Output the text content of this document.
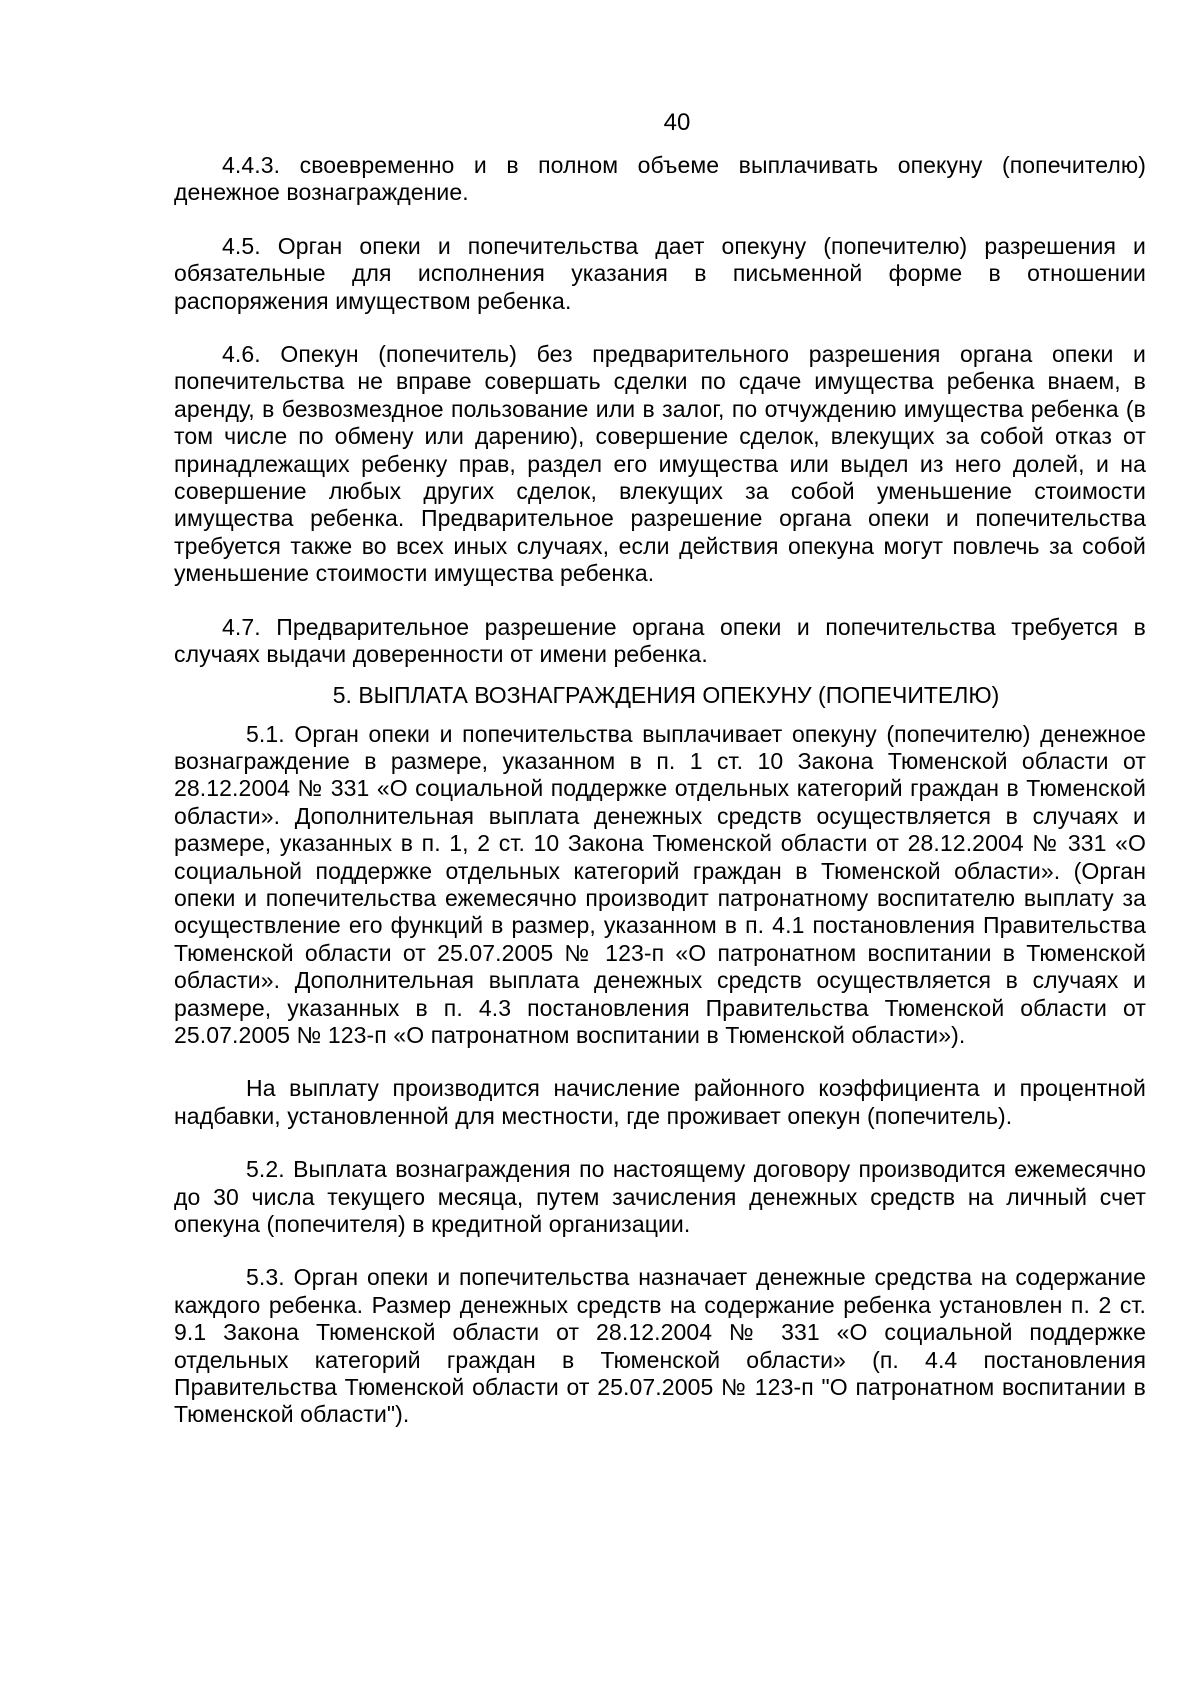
40

4.4.3. своевременно и в полном объеме выплачивать опекуну (попечителю) денежное вознаграждение.

4.5. Орган опеки и попечительства дает опекуну (попечителю) разрешения и обязательные для исполнения указания в письменной форме в отношении распоряжения имуществом ребенка.

4.6. Опекун (попечитель) без предварительного разрешения органа опеки и попечительства не вправе совершать сделки по сдаче имущества ребенка внаем, в аренду, в безвозмездное пользование или в залог, по отчуждению имущества ребенка (в том числе по обмену или дарению), совершение сделок, влекущих за собой отказ от принадлежащих ребенку прав, раздел его имущества или выдел из него долей, и на совершение любых других сделок, влекущих за собой уменьшение стоимости имущества ребенка. Предварительное разрешение органа опеки и попечительства требуется также во всех иных случаях, если действия опекуна могут повлечь за собой уменьшение стоимости имущества ребенка.

4.7. Предварительное разрешение органа опеки и попечительства требуется в случаях выдачи доверенности от имени ребенка.

5. ВЫПЛАТА ВОЗНАГРАЖДЕНИЯ ОПЕКУНУ (ПОПЕЧИТЕЛЮ)

5.1. Орган опеки и попечительства выплачивает опекуну (попечителю) денежное вознаграждение в размере, указанном в п. 1 ст. 10 Закона Тюменской области от 28.12.2004 № 331 «О социальной поддержке отдельных категорий граждан в Тюменской области». Дополнительная выплата денежных средств осуществляется в случаях и размере, указанных в п. 1, 2 ст. 10 Закона Тюменской области от 28.12.2004 № 331 «О социальной поддержке отдельных категорий граждан в Тюменской области». (Орган опеки и попечительства ежемесячно производит патронатному воспитателю выплату за осуществление его функций в размер, указанном в п. 4.1 постановления Правительства Тюменской области от 25.07.2005 № 123-п «О патронатном воспитании в Тюменской области». Дополнительная выплата денежных средств осуществляется в случаях и размере, указанных в п. 4.3 постановления Правительства Тюменской области от 25.07.2005 № 123-п «О патронатном воспитании в Тюменской области»).

На выплату производится начисление районного коэффициента и процентной надбавки, установленной для местности, где проживает опекун (попечитель).

5.2. Выплата вознаграждения по настоящему договору производится ежемесячно до 30 числа текущего месяца, путем зачисления денежных средств на личный счет опекуна (попечителя) в кредитной организации.

5.3. Орган опеки и попечительства назначает денежные средства на содержание каждого ребенка. Размер денежных средств на содержание ребенка установлен п. 2 ст. 9.1 Закона Тюменской области от 28.12.2004 № 331 «О социальной поддержке отдельных категорий граждан в Тюменской области» (п. 4.4 постановления Правительства Тюменской области от 25.07.2005 № 123-п "О патронатном воспитании в Тюменской области").
